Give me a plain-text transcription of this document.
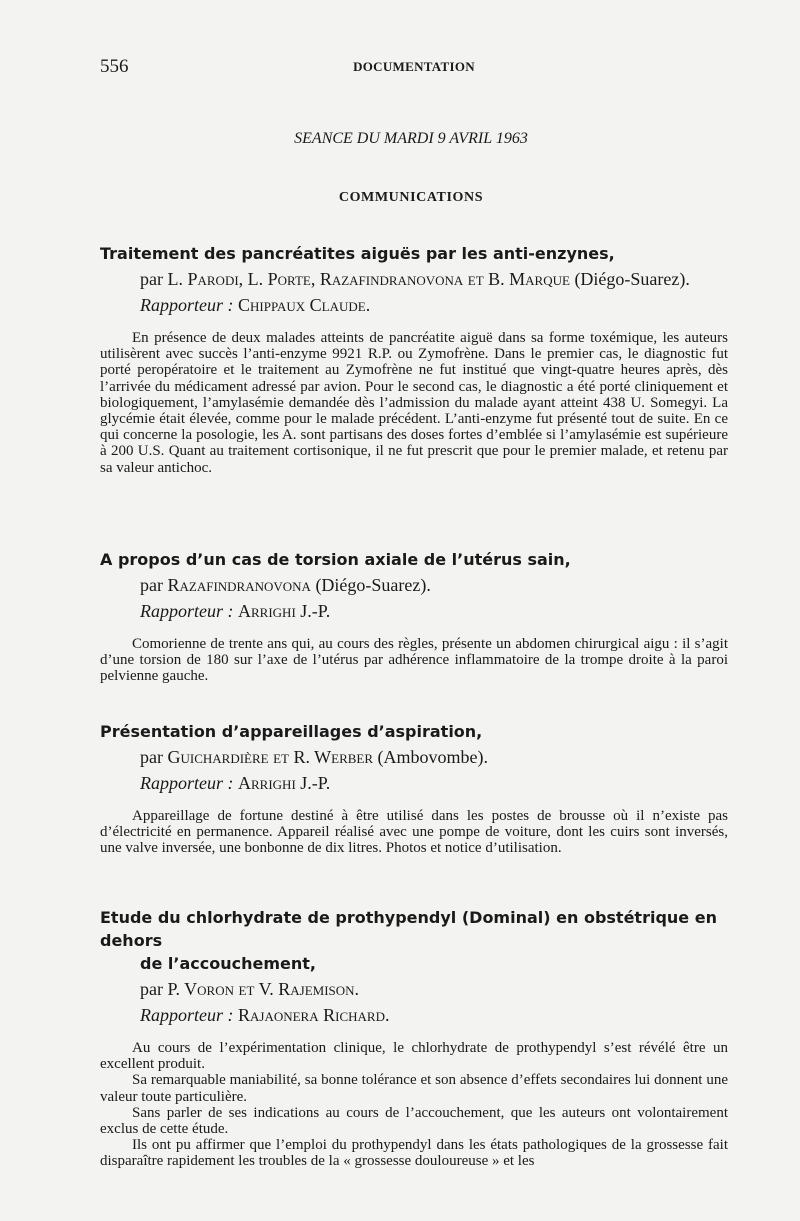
556	DOCUMENTATION
SEANCE DU MARDI 9 AVRIL 1963
COMMUNICATIONS

Traitement des pancréatites aiguës par les anti-enzynes,

par L. Parodi, L. Porte, Razafindranovona et B. Marque (Diégo-Suarez).

Rapporteur : Chippaux Claude.

En présence de deux malades atteints de pancréatite aiguë dans sa forme toxémique, les auteurs utilisèrent avec succès l’anti-enzyme 9921 R.P. ou Zymofrène. Dans le premier cas, le diagnostic fut porté peropératoire et le traitement au Zymofrène ne fut institué que vingt-quatre heures après, dès l’arrivée du médicament adressé par avion. Pour le second cas, le diagnostic a été porté cliniquement et biologiquement, l’amylasémie demandée dès l’admission du malade ayant atteint 438 U. Somegyi. La glycémie était élevée, comme pour le malade précédent. L’anti-enzyme fut présenté tout de suite. En ce qui concerne la posologie, les A. sont partisans des doses fortes d’emblée si l’amylasémie est supérieure à 200 U.S. Quant au traitement cortisonique, il ne fut prescrit que pour le premier malade, et retenu par sa valeur antichoc.

A propos d’un cas de torsion axiale de l’utérus sain,

par Razafindranovona (Diégo-Suarez).

Rapporteur : Arrighi J.-P.

Comorienne de trente ans qui, au cours des règles, présente un abdomen chirurgical aigu : il s’agit d’une torsion de 180 sur l’axe de l’utérus par adhérence inflammatoire de la trompe droite à la paroi pelvienne gauche.

Présentation d’appareillages d’aspiration,

par Guichardière et R. Werber (Ambovombe).

Rapporteur : Arrighi J.-P.

Appareillage de fortune destiné à être utilisé dans les postes de brousse où il n’existe pas d’électricité en permanence. Appareil réalisé avec une pompe de voiture, dont les cuirs sont inversés, une valve inversée, une bonbonne de dix litres. Photos et notice d’utilisation.

Etude du chlorhydrate de prothypendyl (Dominal) en obstétrique en dehors
de l’accouchement,

par P. Voron et V. Rajemison.

Rapporteur : Rajaonera Richard.

Au cours de l’expérimentation clinique, le chlorhydrate de prothypendyl s’est révélé être un excellent produit.

Sa remarquable maniabilité, sa bonne tolérance et son absence d’effets secondaires lui donnent une valeur toute particulière.

Sans parler de ses indications au cours de l’accouchement, que les auteurs ont volontairement exclus de cette étude.

Ils ont pu affirmer que l’emploi du prothypendyl dans les états pathologiques de la grossesse fait disparaître rapidement les troubles de la « grossesse douloureuse » et les
